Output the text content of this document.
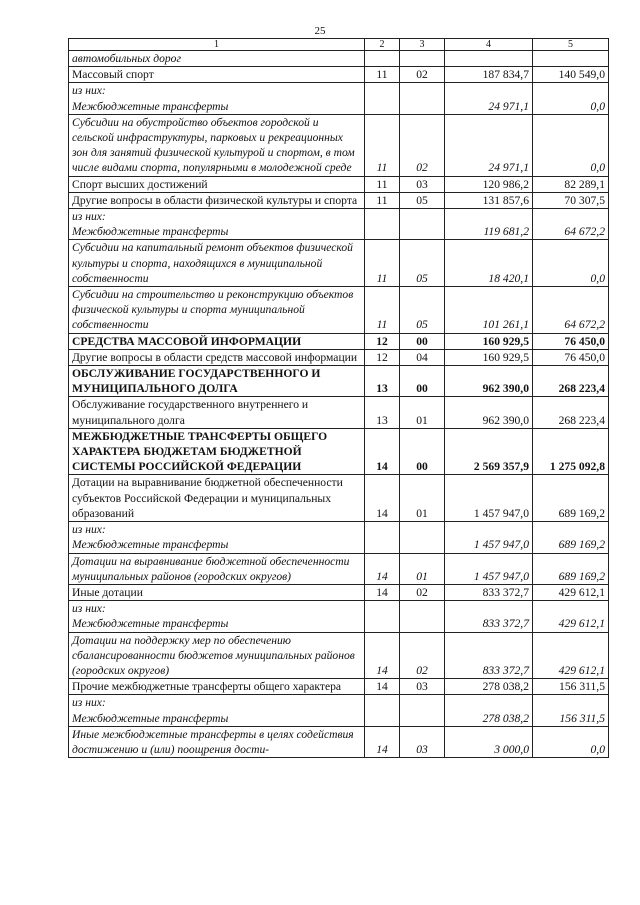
25
1	2	3	4	5
автомобильных дорог				
Массовый спорт	11	02	187 834,7	140 549,0
из них:
Межбюджетные трансферты			24 971,1	0,0
Субсидии на обустройство объектов городской и сельской инфраструктуры, парковых и рекреационных зон для занятий физической культурой и спортом, в том числе видами спорта, популярными в молодежной среде	11	02	24 971,1	0,0
Спорт высших достижений	11	03	120 986,2	82 289,1
Другие вопросы в области физической культуры и спорта	11	05	131 857,6	70 307,5
из них:
Межбюджетные трансферты			119 681,2	64 672,2
Субсидии на капитальный ремонт объектов физической культуры и спорта, находящихся в муниципальной собственности	11	05	18 420,1	0,0
Субсидии на строительство и реконструкцию объектов физической культуры и спорта муниципальной собственности	11	05	101 261,1	64 672,2
СРЕДСТВА МАССОВОЙ ИНФОРМАЦИИ	12	00	160 929,5	76 450,0
Другие вопросы в области средств массовой информации	12	04	160 929,5	76 450,0
ОБСЛУЖИВАНИЕ ГОСУДАРСТВЕННОГО И МУНИЦИПАЛЬНОГО ДОЛГА	13	00	962 390,0	268 223,4
Обслуживание государственного внутреннего и муниципального долга	13	01	962 390,0	268 223,4
МЕЖБЮДЖЕТНЫЕ ТРАНСФЕРТЫ ОБЩЕГО ХАРАКТЕРА БЮДЖЕТАМ БЮДЖЕТНОЙ СИСТЕМЫ РОССИЙСКОЙ ФЕДЕРАЦИИ	14	00	2 569 357,9	1 275 092,8
Дотации на выравнивание бюджетной обеспеченности субъектов Российской Федерации и муниципальных образований	14	01	1 457 947,0	689 169,2
из них:
Межбюджетные трансферты			1 457 947,0	689 169,2
Дотации на выравнивание бюджетной обеспеченности муниципальных районов (городских округов)	14	01	1 457 947,0	689 169,2
Иные дотации	14	02	833 372,7	429 612,1
из них:
Межбюджетные трансферты			833 372,7	429 612,1
Дотации на поддержку мер по обеспечению сбалансированности бюджетов муниципальных районов (городских округов)	14	02	833 372,7	429 612,1
Прочие межбюджетные трансферты общего характера	14	03	278 038,2	156 311,5
из них:
Межбюджетные трансферты			278 038,2	156 311,5
Иные межбюджетные трансферты в целях содействия достижению и (или) поощрения дости-	14	03	3 000,0	0,0
